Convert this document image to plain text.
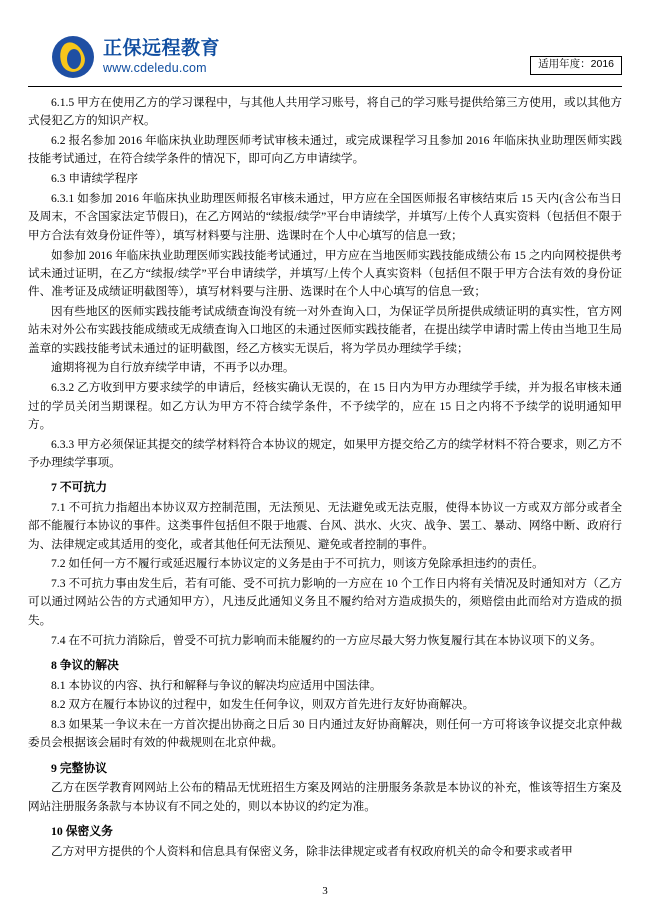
正保远程教育
www.cdeledu.com	适用年度：2016

6.1.5 甲方在使用乙方的学习课程中，与其他人共用学习账号，将自己的学习账号提供给第三方使用，或以其他方式侵犯乙方的知识产权。

6.2 报名参加 2016 年临床执业助理医师考试审核未通过，或完成课程学习且参加 2016 年临床执业助理医师实践技能考试通过，在符合续学条件的情况下，即可向乙方申请续学。

6.3 申请续学程序

6.3.1 如参加 2016 年临床执业助理医师报名审核未通过，甲方应在全国医师报名审核结束后 15 天内(含公布当日及周末，不含国家法定节假日)，在乙方网站的“续报/续学”平台申请续学，并填写/上传个人真实资料（包括但不限于甲方合法有效身份证件等），填写材料要与注册、选课时在个人中心填写的信息一致；

如参加 2016 年临床执业助理医师实践技能考试通过，甲方应在当地医师实践技能成绩公布 15 之内向网校提供考试未通过证明，在乙方“续报/续学”平台申请续学，并填写/上传个人真实资料（包括但不限于甲方合法有效的身份证件、准考证及成绩证明截图等），填写材料要与注册、选课时在个人中心填写的信息一致；

因有些地区的医师实践技能考试成绩查询没有统一对外查询入口，为保证学员所提供成绩证明的真实性，官方网站未对外公布实践技能成绩或无成绩查询入口地区的未通过医师实践技能者，在提出续学申请时需上传由当地卫生局盖章的实践技能考试未通过的证明截图，经乙方核实无误后，将为学员办理续学手续；

逾期将视为自行放弃续学申请，不再予以办理。

6.3.2 乙方收到甲方要求续学的申请后，经核实确认无误的，在 15 日内为甲方办理续学手续，并为报名审核未通过的学员关闭当期课程。如乙方认为甲方不符合续学条件，不予续学的，应在 15 日之内将不予续学的说明通知甲方。

6.3.3 甲方必须保证其提交的续学材料符合本协议的规定，如果甲方提交给乙方的续学材料不符合要求，则乙方不予办理续学事项。

7 不可抗力

7.1 不可抗力指超出本协议双方控制范围，无法预见、无法避免或无法克服，使得本协议一方或双方部分或者全部不能履行本协议的事件。这类事件包括但不限于地震、台风、洪水、火灾、战争、罢工、暴动、网络中断、政府行为、法律规定或其适用的变化，或者其他任何无法预见、避免或者控制的事件。

7.2 如任何一方不履行或延迟履行本协议定的义务是由于不可抗力，则该方免除承担违约的责任。

7.3 不可抗力事由发生后，若有可能、受不可抗力影响的一方应在 10 个工作日内将有关情况及时通知对方（乙方可以通过网站公告的方式通知甲方），凡违反此通知义务且不履约给对方造成损失的，须赔偿由此而给对方造成的损失。

7.4 在不可抗力消除后，曾受不可抗力影响而未能履约的一方应尽最大努力恢复履行其在本协议项下的义务。

8 争议的解决

8.1 本协议的内容、执行和解释与争议的解决均应适用中国法律。

8.2 双方在履行本协议的过程中，如发生任何争议，则双方首先进行友好协商解决。

8.3 如果某一争议未在一方首次提出协商之日后 30 日内通过友好协商解决，则任何一方可将该争议提交北京仲裁委员会根据该会届时有效的仲裁规则在北京仲裁。

9 完整协议

乙方在医学教育网网站上公布的精品无忧班招生方案及网站的注册服务条款是本协议的补充，惟该等招生方案及网站注册服务条款与本协议有不同之处的，则以本协议的约定为准。

10 保密义务

乙方对甲方提供的个人资料和信息具有保密义务，除非法律规定或者有权政府机关的命令和要求或者甲

3
